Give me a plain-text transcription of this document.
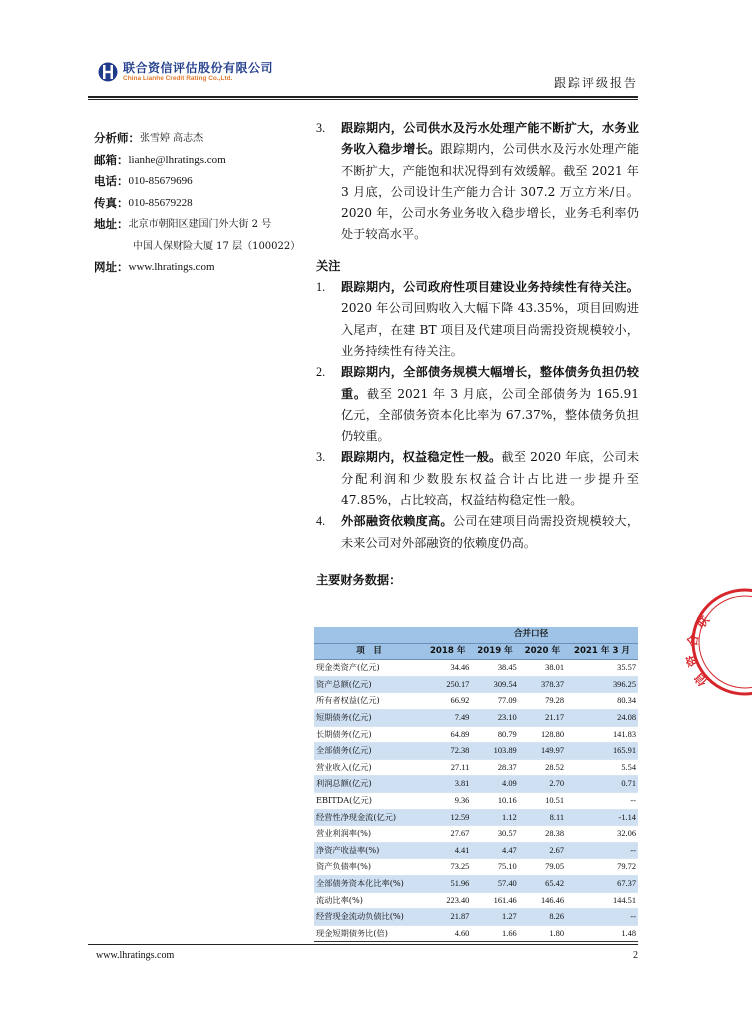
联合资信评估股份有限公司
China Lianhe Credit Rating Co.,Ltd.	跟踪评级报告
分析师： 张雪婷 高志杰
邮箱： lianhe@lhratings.com
电话： 010-85679696
传真： 010-85679228
地址： 北京市朝阳区建国门外大街 2 号
中国人保财险大厦 17 层（100022）
网址： www.lhratings.com
3.	跟踪期内，公司供水及污水处理产能不断扩大，水务业务收入稳步增长。跟踪期内，公司供水及污水处理产能不断扩大，产能饱和状况得到有效缓解。截至 2021 年 3 月底，公司设计生产能力合计 307.2 万立方米/日。2020 年，公司水务业务收入稳步增长，业务毛利率仍处于较高水平。
关注
1.	跟踪期内，公司政府性项目建设业务持续性有待关注。2020 年公司回购收入大幅下降 43.35%，项目回购进入尾声，在建 BT 项目及代建项目尚需投资规模较小，业务持续性有待关注。
2.	跟踪期内，全部债务规模大幅增长，整体债务负担仍较重。截至 2021 年 3 月底，公司全部债务为 165.91 亿元，全部债务资本化比率为 67.37%，整体债务负担仍较重。
3.	跟踪期内，权益稳定性一般。截至 2020 年底，公司未分配利润和少数股东权益合计占比进一步提升至 47.85%，占比较高，权益结构稳定性一般。
4.	外部融资依赖度高。公司在建项目尚需投资规模较大，未来公司对外部融资的依赖度仍高。
主要财务数据：
	合并口径			
项　目	2018 年	2019 年	2020 年	2021 年 3 月
现金类资产(亿元)	34.46	38.45	38.01	35.57
资产总额(亿元)	250.17	309.54	378.37	396.25
所有者权益(亿元)	66.92	77.09	79.28	80.34
短期债务(亿元)	7.49	23.10	21.17	24.08
长期债务(亿元)	64.89	80.79	128.80	141.83
全部债务(亿元)	72.38	103.89	149.97	165.91
营业收入(亿元)	27.11	28.37	28.52	5.54
利润总额(亿元)	3.81	4.09	2.70	0.71
EBITDA(亿元)	9.36	10.16	10.51	--
经营性净现金流(亿元)	12.59	1.12	8.11	-1.14
营业利润率(%)	27.67	30.57	28.38	32.06
净资产收益率(%)	4.41	4.47	2.67	--
资产负债率(%)	73.25	75.10	79.05	79.72
全部债务资本化比率(%)	51.96	57.40	65.42	67.37
流动比率(%)	223.40	161.46	146.46	144.51
经营现金流动负债比(%)	21.87	1.27	8.26	--
现金短期债务比(倍)	4.60	1.66	1.80	1.48
联
合
资
信
www.lhratings.com	2
